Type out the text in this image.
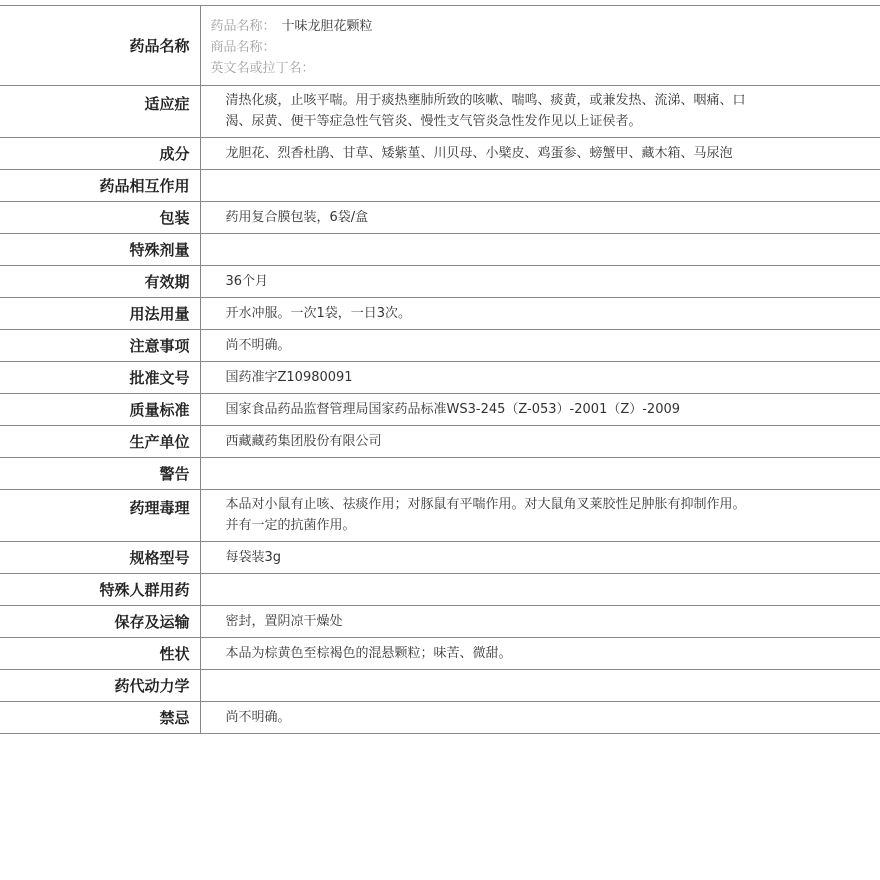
药品名称	药品名称： 十味龙胆花颗粒
商品名称：
英文名或拉丁名：

适应症	清热化痰，止咳平喘。用于痰热壅肺所致的咳嗽、喘鸣、痰黄，或兼发热、流涕、咽痛、口
渴、尿黄、便干等症急性气管炎、慢性支气管炎急性发作见以上证侯者。
成分	龙胆花、烈香杜鹃、甘草、矮紫堇、川贝母、小檗皮、鸡蛋参、螃蟹甲、藏木箱、马尿泡
药品相互作用	
包装	药用复合膜包装，6袋/盒
特殊剂量	
有效期	36个月
用法用量	开水冲服。一次1袋，一日3次。
注意事项	尚不明确。
批准文号	国药准字Z10980091
质量标准	国家食品药品监督管理局国家药品标准WS3-245（Z-053）-2001（Z）-2009
生产单位	西藏藏药集团股份有限公司
警告	
药理毒理	本品对小鼠有止咳、祛痰作用；对豚鼠有平喘作用。对大鼠角叉莱胶性足肿胀有抑制作用。
并有一定的抗菌作用。
规格型号	每袋装3g
特殊人群用药	
保存及运输	密封，置阴凉干燥处
性状	本品为棕黄色至棕褐色的混悬颗粒；味苦、微甜。
药代动力学	
禁忌	尚不明确。
